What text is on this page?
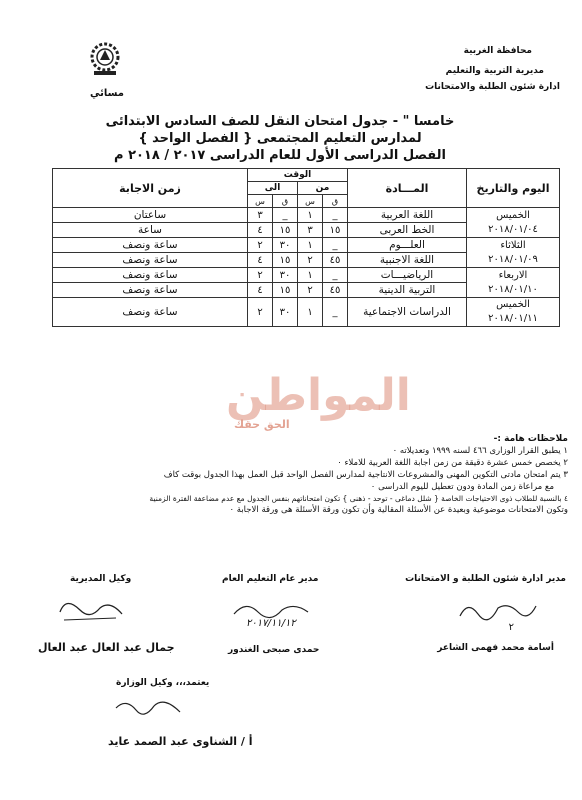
مسائي
محافظة الغربية
مديرية التربية والتعليم
ادارة شئون الطلبة والامتحانات
خامسا " - جدول امتحان النقل للصف السادس الابتدائى
لمدارس التعليم المجتمعى { الفصل الواحد }
الفصل الدراسى الأول للعام الدراسى ٢٠١٧ / ٢٠١٨ م
اليوم والتاريخ	المـــادة	الوقت				زمن الاجابة
		من		الى		
		ق	س	ق	س	

الخميس
٢٠١٨/٠١/٠٤	اللغة العربية	_	١	_	٣	ساعتان
	الخط العربى	١٥	٣	١٥	٤	ساعة

الثلاثاء
٢٠١٨/٠١/٠٩	العلـــوم	_	١	٣٠	٢	ساعة ونصف
	اللغة الاجنبية	٤٥	٢	١٥	٤	ساعة ونصف

الاربعاء
٢٠١٨/٠١/١٠	الرياضيـــات	_	١	٣٠	٢	ساعة ونصف
	التربية الدينية	٤٥	٢	١٥	٤	ساعة ونصف

الخميس
٢٠١٨/٠١/١١	الدراسات الاجتماعية	_	١	٣٠	٢	ساعة ونصف
ملاحظات هامة :-
١ يطبق القرار الوزارى ٤٦٦ لسنه ١٩٩٩ وتعديلاته ٠
٢ يخصص خمس عشرة دقيقة من زمن اجابة اللغة العربية للاملاء ٠
٣ يتم امتحان مادتى التكوين المهنى والمشروعات الانتاجية لمدارس الفصل الواحد قبل العمل بهذا الجدول بوقت كاف
مع مراعاة زمن المادة ودون تعطيل لليوم الدراسى ٠
٤ بالنسبة للطلاب ذوى الاحتياجات الخاصة { شلل دماغى - توحد - ذهنى } تكون امتحاناتهم بنفس الجدول مع عدم مضاعفة الفترة الزمنية
وتكون الامتحانات موضوعية وبعيدة عن الأسئلة المقالية وأن تكون ورقة الأسئلة هى ورقة الاجابة ٠
مدير ادارة شئون الطلبة و الامتحانات
مدير عام التعليم العام
وكيل المديرية
٢
٢٠١٧/١١/١٢
أسامة محمد فهمى الشاعر
حمدى صبحى الغندور
جمال عبد العال عبد العال
يعتمد،،، وكيل الوزارة
أ / الشناوى عبد الصمد عايد
المواطن
الحق حقك
